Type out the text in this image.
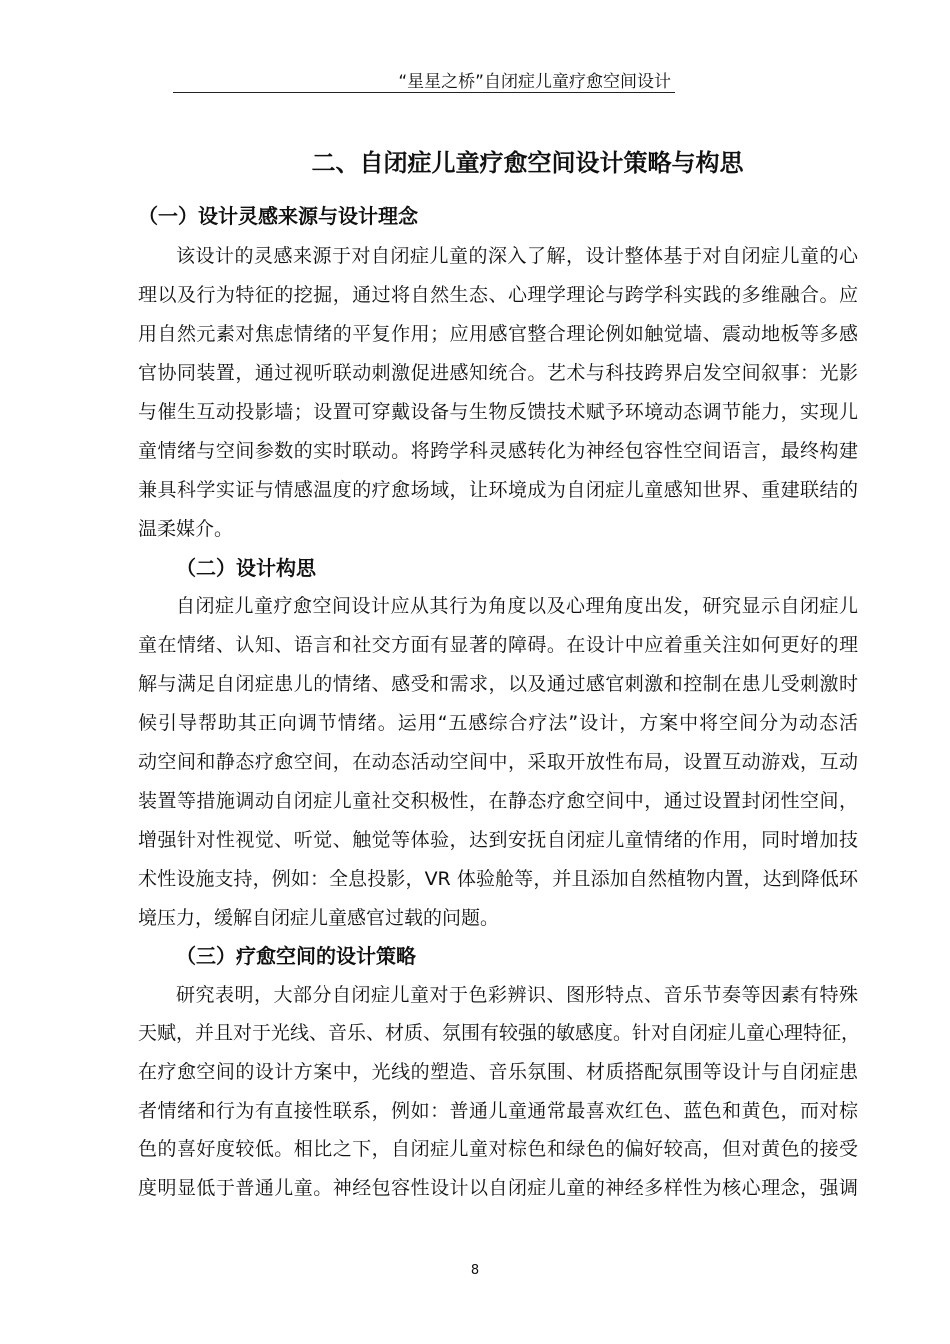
“星星之桥”自闭症儿童疗愈空间设计
二、自闭症儿童疗愈空间设计策略与构思
（一）设计灵感来源与设计理念
该设计的灵感来源于对自闭症儿童的深入了解，设计整体基于对自闭症儿童的心
理以及行为特征的挖掘，通过将自然生态、心理学理论与跨学科实践的多维融合。应
用自然元素对焦虑情绪的平复作用；应用感官整合理论例如触觉墙、震动地板等多感
官协同装置，通过视听联动刺激促进感知统合。艺术与科技跨界启发空间叙事：光影
与催生互动投影墙；设置可穿戴设备与生物反馈技术赋予环境动态调节能力，实现儿
童情绪与空间参数的实时联动。将跨学科灵感转化为神经包容性空间语言，最终构建
兼具科学实证与情感温度的疗愈场域，让环境成为自闭症儿童感知世界、重建联结的
温柔媒介。
（二）设计构思
自闭症儿童疗愈空间设计应从其行为角度以及心理角度出发，研究显示自闭症儿
童在情绪、认知、语言和社交方面有显著的障碍。在设计中应着重关注如何更好的理
解与满足自闭症患儿的情绪、感受和需求，以及通过感官刺激和控制在患儿受刺激时
候引导帮助其正向调节情绪。运用“五感综合疗法”设计，方案中将空间分为动态活
动空间和静态疗愈空间，在动态活动空间中，采取开放性布局，设置互动游戏，互动
装置等措施调动自闭症儿童社交积极性，在静态疗愈空间中，通过设置封闭性空间，
增强针对性视觉、听觉、触觉等体验，达到安抚自闭症儿童情绪的作用，同时增加技
术性设施支持，例如：全息投影，VR 体验舱等，并且添加自然植物内置，达到降低环
境压力，缓解自闭症儿童感官过载的问题。
（三）疗愈空间的设计策略
研究表明，大部分自闭症儿童对于色彩辨识、图形特点、音乐节奏等因素有特殊
天赋，并且对于光线、音乐、材质、氛围有较强的敏感度。针对自闭症儿童心理特征，
在疗愈空间的设计方案中，光线的塑造、音乐氛围、材质搭配氛围等设计与自闭症患
者情绪和行为有直接性联系，例如：普通儿童通常最喜欢红色、蓝色和黄色，而对棕
色的喜好度较低。相比之下，自闭症儿童对棕色和绿色的偏好较高，但对黄色的接受
度明显低于普通儿童。神经包容性设计以自闭症儿童的神经多样性为核心理念，强调
8
